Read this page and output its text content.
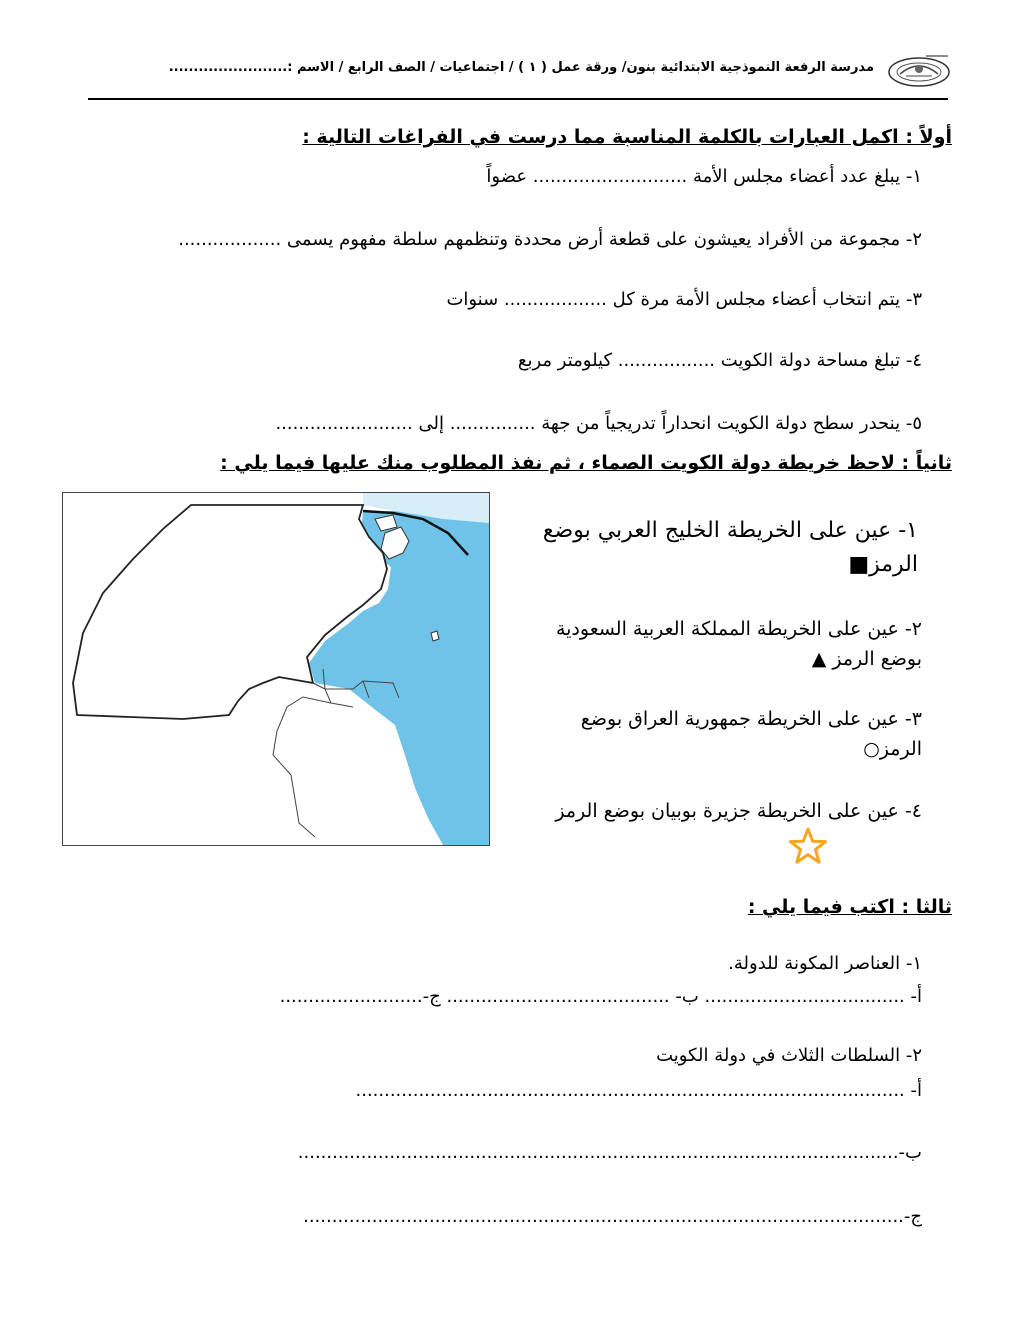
مدرسة الرفعة النموذجية الابتدائية بنون/ ورقة عمل ( ١ ) / اجتماعيات / الصف الرابع / الاسم :........................
أولاً : اكمل العبارات بالكلمة المناسبة مما درست في الفراغات التالية :
١- يبلغ عدد أعضاء مجلس الأمة ........................... عضواً
٢- مجموعة من الأفراد يعيشون على قطعة أرض محددة وتنظمهم سلطة مفهوم يسمى ..................
٣- يتم انتخاب أعضاء مجلس الأمة مرة كل .................. سنوات
٤- تبلغ مساحة دولة الكويت ................. كيلومتر مربع
٥- ينحدر سطح دولة الكويت انحداراً تدريجياً من جهة ............... إلى ........................
ثانياً : لاحظ خريطة دولة الكويت الصماء ، ثم نفذ المطلوب منك عليها فيما يلي :
١- عين على الخريطة الخليج العربي بوضع الرمز■
٢- عين على الخريطة المملكة العربية السعودية بوضع الرمز ▲
٣- عين على الخريطة جمهورية العراق بوضع الرمز○
٤- عين على الخريطة جزيرة بوبيان بوضع الرمز
ثالثا : اكتب فيما يلي :
١- العناصر المكونة للدولة.
أ- ................................... ب- ....................................... ج-.........................
٢- السلطات الثلاث في دولة الكويت
أ- ................................................................................................
ب-.........................................................................................................
ج-.........................................................................................................
